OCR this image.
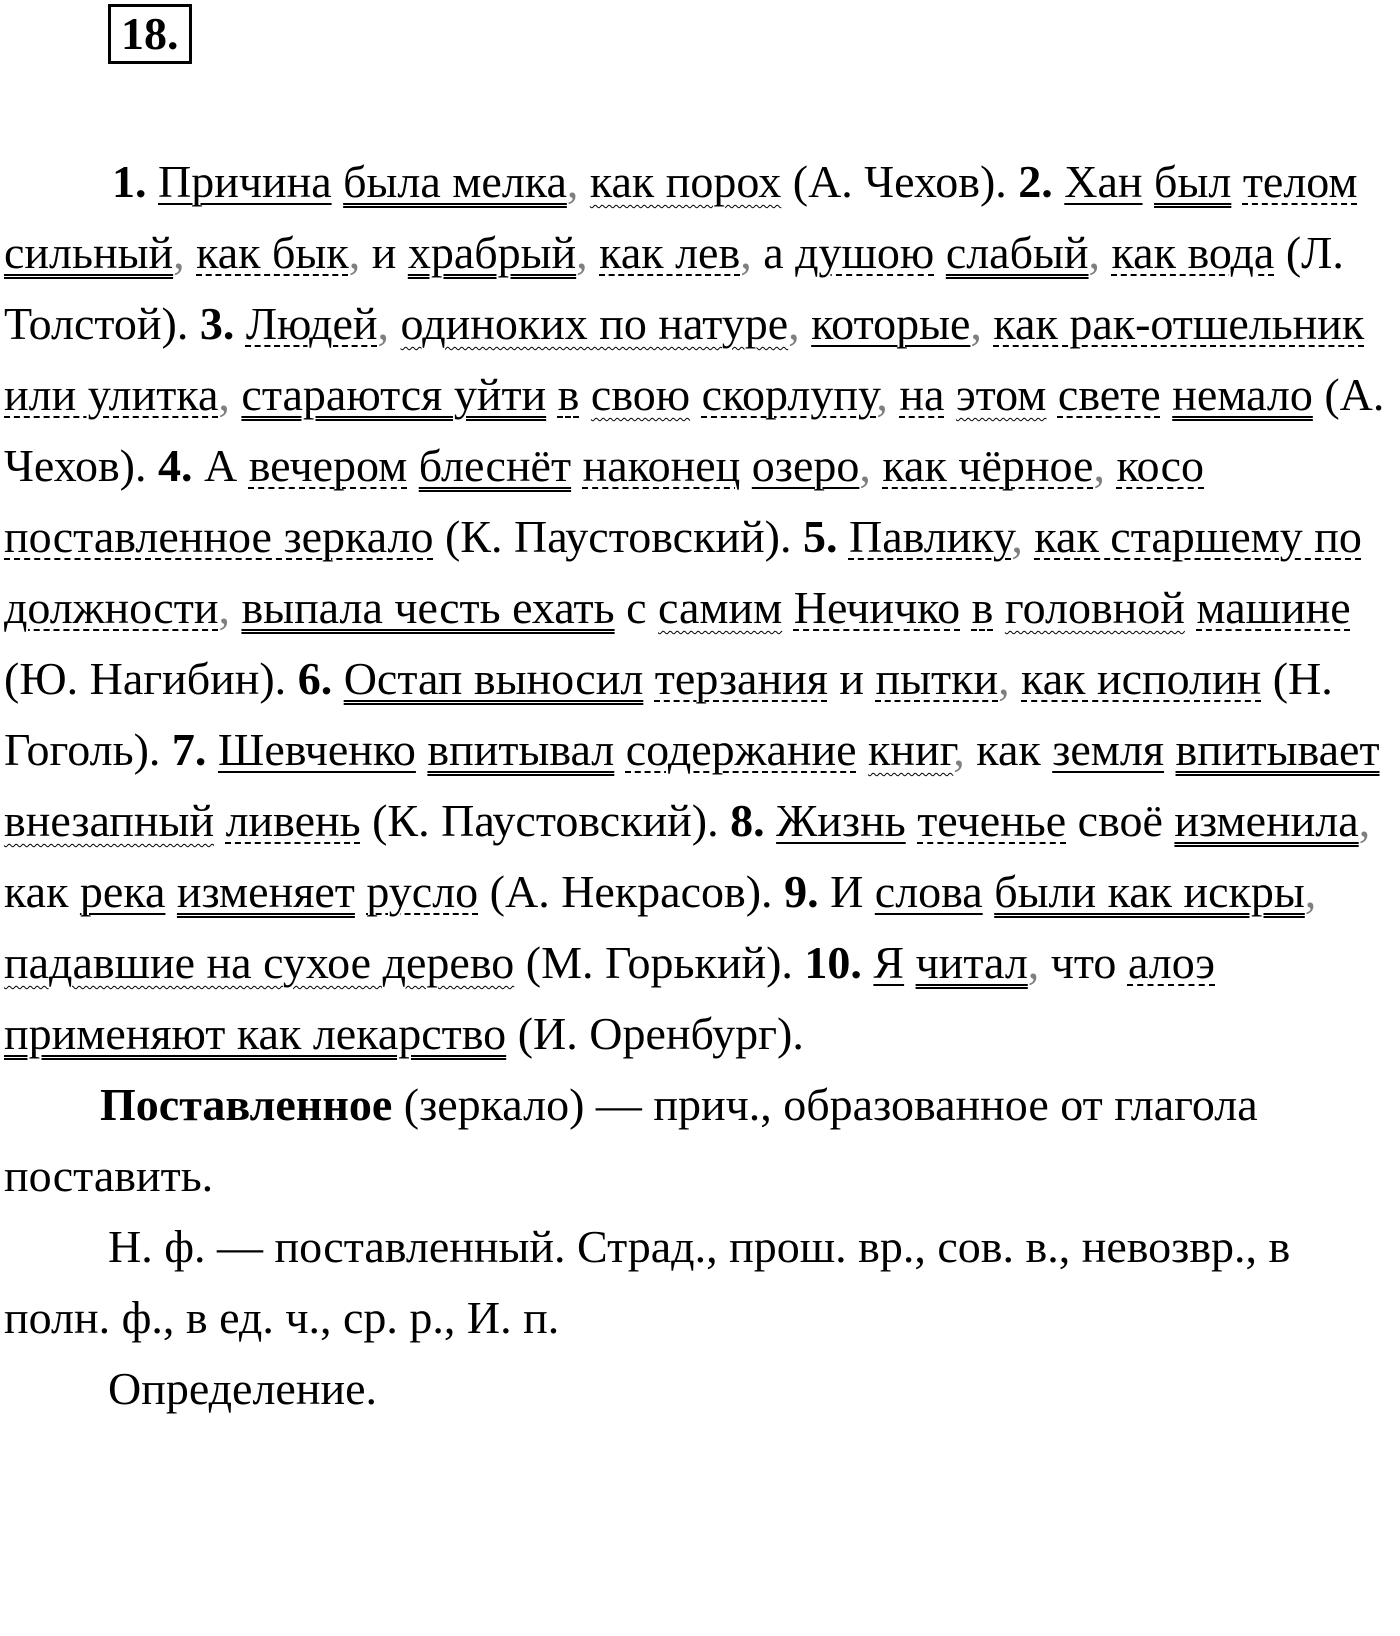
18.

1. Причина была мелка, как порох (А. Чехов). 2. Хан был телом сильный, как бык, и храбрый, как лев, а душою слабый, как вода (Л. Толстой). 3. Людей, одиноких по натуре, которые, как рак-отшельник или улитка, стараются уйти в свою скорлупу, на этом свете немало (А. Чехов). 4. А вечером блеснёт наконец озеро, как чёрное, косо поставленное зеркало (К. Паустовский). 5. Павлику, как старшему по должности, выпала честь ехать с самим Нечичко в головной машине (Ю. Нагибин). 6. Остап выносил терзания и пытки, как исполин (Н. Гоголь). 7. Шевченко впитывал содержание книг, как земля впитывает внезапный ливень (К. Паустовский). 8. Жизнь теченье своё изменила, как река изменяет русло (А. Некрасов). 9. И слова были как искры, падавшие на сухое дерево (М. Горький). 10. Я читал, что алоэ применяют как лекарство (И. Оренбург).

Поставленное (зеркало) — прич., образованное от глагола поставить.

Н. ф. — поставленный. Страд., прош. вр., сов. в., невозвр., в полн. ф., в ед. ч., ср. р., И. п.

Определение.
